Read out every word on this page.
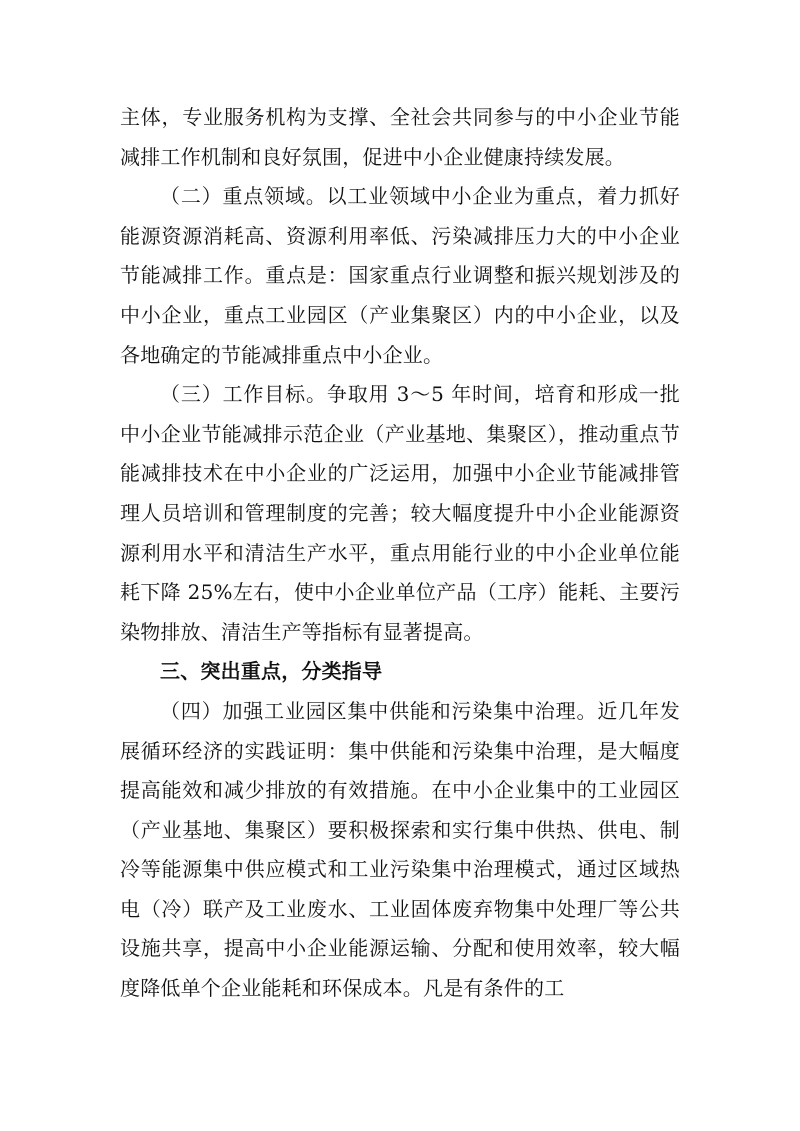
主体，专业服务机构为支撑、全社会共同参与的中小企业节能减排工作机制和良好氛围，促进中小企业健康持续发展。

（二）重点领域。以工业领域中小企业为重点，着力抓好能源资源消耗高、资源利用率低、污染减排压力大的中小企业节能减排工作。重点是：国家重点行业调整和振兴规划涉及的中小企业，重点工业园区（产业集聚区）内的中小企业，以及各地确定的节能减排重点中小企业。

（三）工作目标。争取用 3～5 年时间，培育和形成一批中小企业节能减排示范企业（产业基地、集聚区），推动重点节能减排技术在中小企业的广泛运用，加强中小企业节能减排管理人员培训和管理制度的完善；较大幅度提升中小企业能源资源利用水平和清洁生产水平，重点用能行业的中小企业单位能耗下降 25%左右，使中小企业单位产品（工序）能耗、主要污染物排放、清洁生产等指标有显著提高。

三、突出重点，分类指导

（四）加强工业园区集中供能和污染集中治理。近几年发展循环经济的实践证明：集中供能和污染集中治理，是大幅度提高能效和减少排放的有效措施。在中小企业集中的工业园区（产业基地、集聚区）要积极探索和实行集中供热、供电、制冷等能源集中供应模式和工业污染集中治理模式，通过区域热电（冷）联产及工业废水、工业固体废弃物集中处理厂等公共设施共享，提高中小企业能源运输、分配和使用效率，较大幅度降低单个企业能耗和环保成本。凡是有条件的工
